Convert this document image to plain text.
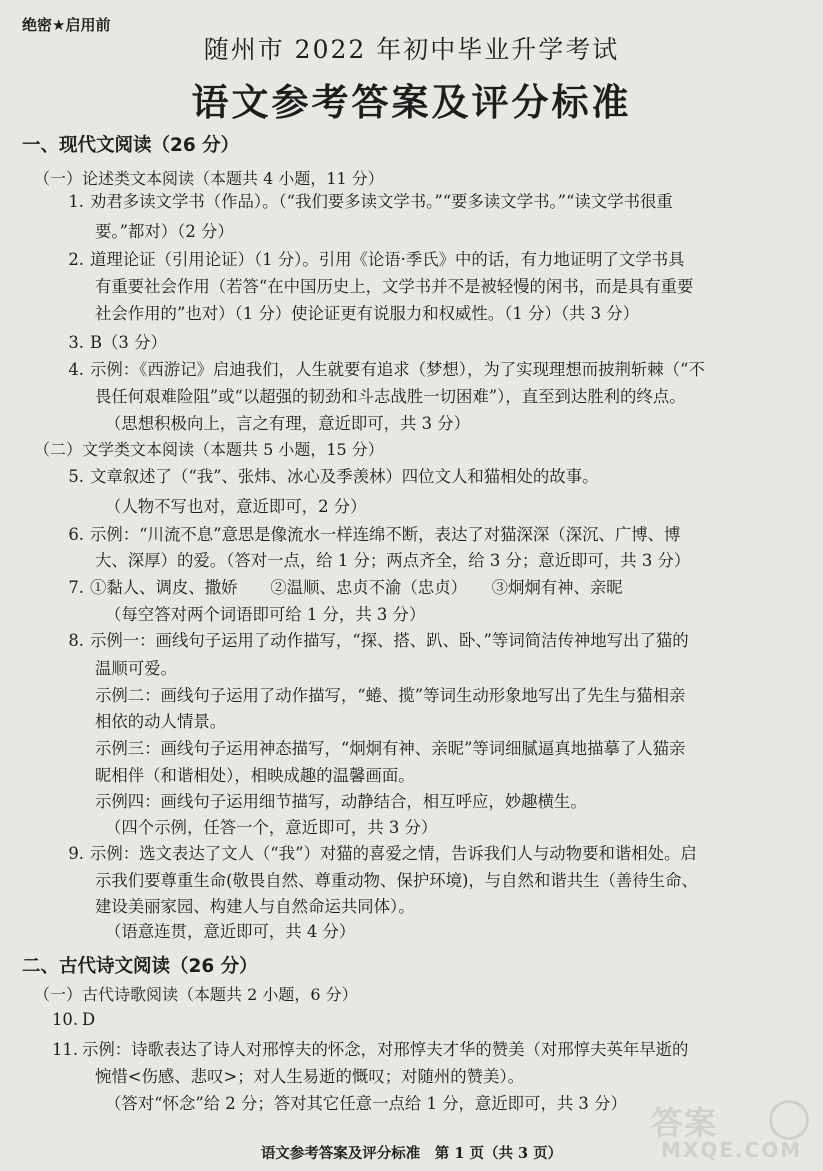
绝密★启用前
随州市 2022 年初中毕业升学考试
语文参考答案及评分标准
一、现代文阅读（26 分）
（一）论述类文本阅读（本题共 4 小题，11 分）
1. 劝君多读文学书（作品）。（“我们要多读文学书。”“要多读文学书。”“读文学书很重
要。”都对）（2 分）
2. 道理论证（引用论证）（1 分）。引用《论语·季氏》中的话，有力地证明了文学书具
有重要社会作用（若答“在中国历史上，文学书并不是被轻慢的闲书，而是具有重要
社会作用的”也对）（1 分）使论证更有说服力和权威性。（1 分）（共 3 分）
3. B（3 分）
4. 示例：《西游记》启迪我们，人生就要有追求（梦想），为了实现理想而披荆斩棘（“不
畏任何艰难险阻”或“以超强的韧劲和斗志战胜一切困难”），直至到达胜利的终点。
（思想积极向上，言之有理，意近即可，共 3 分）
（二）文学类文本阅读（本题共 5 小题，15 分）
5. 文章叙述了（“我”、张炜、冰心及季羡林）四位文人和猫相处的故事。
（人物不写也对，意近即可，2 分）
6. 示例：“川流不息”意思是像流水一样连绵不断，表达了对猫深深（深沉、广博、博
大、深厚）的爱。（答对一点，给 1 分；两点齐全，给 3 分；意近即可，共 3 分）
7. ①黏人、调皮、撒娇　　②温顺、忠贞不渝（忠贞）　　③炯炯有神、亲昵
（每空答对两个词语即可给 1 分，共 3 分）
8. 示例一：画线句子运用了动作描写，“探、搭、趴、卧、”等词简洁传神地写出了猫的
温顺可爱。
示例二：画线句子运用了动作描写，“蜷、揽”等词生动形象地写出了先生与猫相亲
相依的动人情景。
示例三：画线句子运用神态描写，“炯炯有神、亲昵”等词细腻逼真地描摹了人猫亲
昵相伴（和谐相处），相映成趣的温馨画面。
示例四：画线句子运用细节描写，动静结合，相互呼应，妙趣横生。
（四个示例，任答一个，意近即可，共 3 分）
9. 示例：选文表达了文人（“我”）对猫的喜爱之情，告诉我们人与动物要和谐相处。启
示我们要尊重生命(敬畏自然、尊重动物、保护环境)，与自然和谐共生（善待生命、
建设美丽家园、构建人与自然命运共同体）。
（语意连贯，意近即可，共 4 分）
二、古代诗文阅读（26 分）
（一）古代诗歌阅读（本题共 2 小题，6 分）
10. D
11. 示例：诗歌表达了诗人对邢惇夫的怀念，对邢惇夫才华的赞美（对邢惇夫英年早逝的
惋惜<伤感、悲叹>；对人生易逝的慨叹；对随州的赞美）。
（答对“怀念”给 2 分；答对其它任意一点给 1 分，意近即可，共 3 分）
语文参考答案及评分标准　第 1 页（共 3 页）
答案
MXQE.COM
